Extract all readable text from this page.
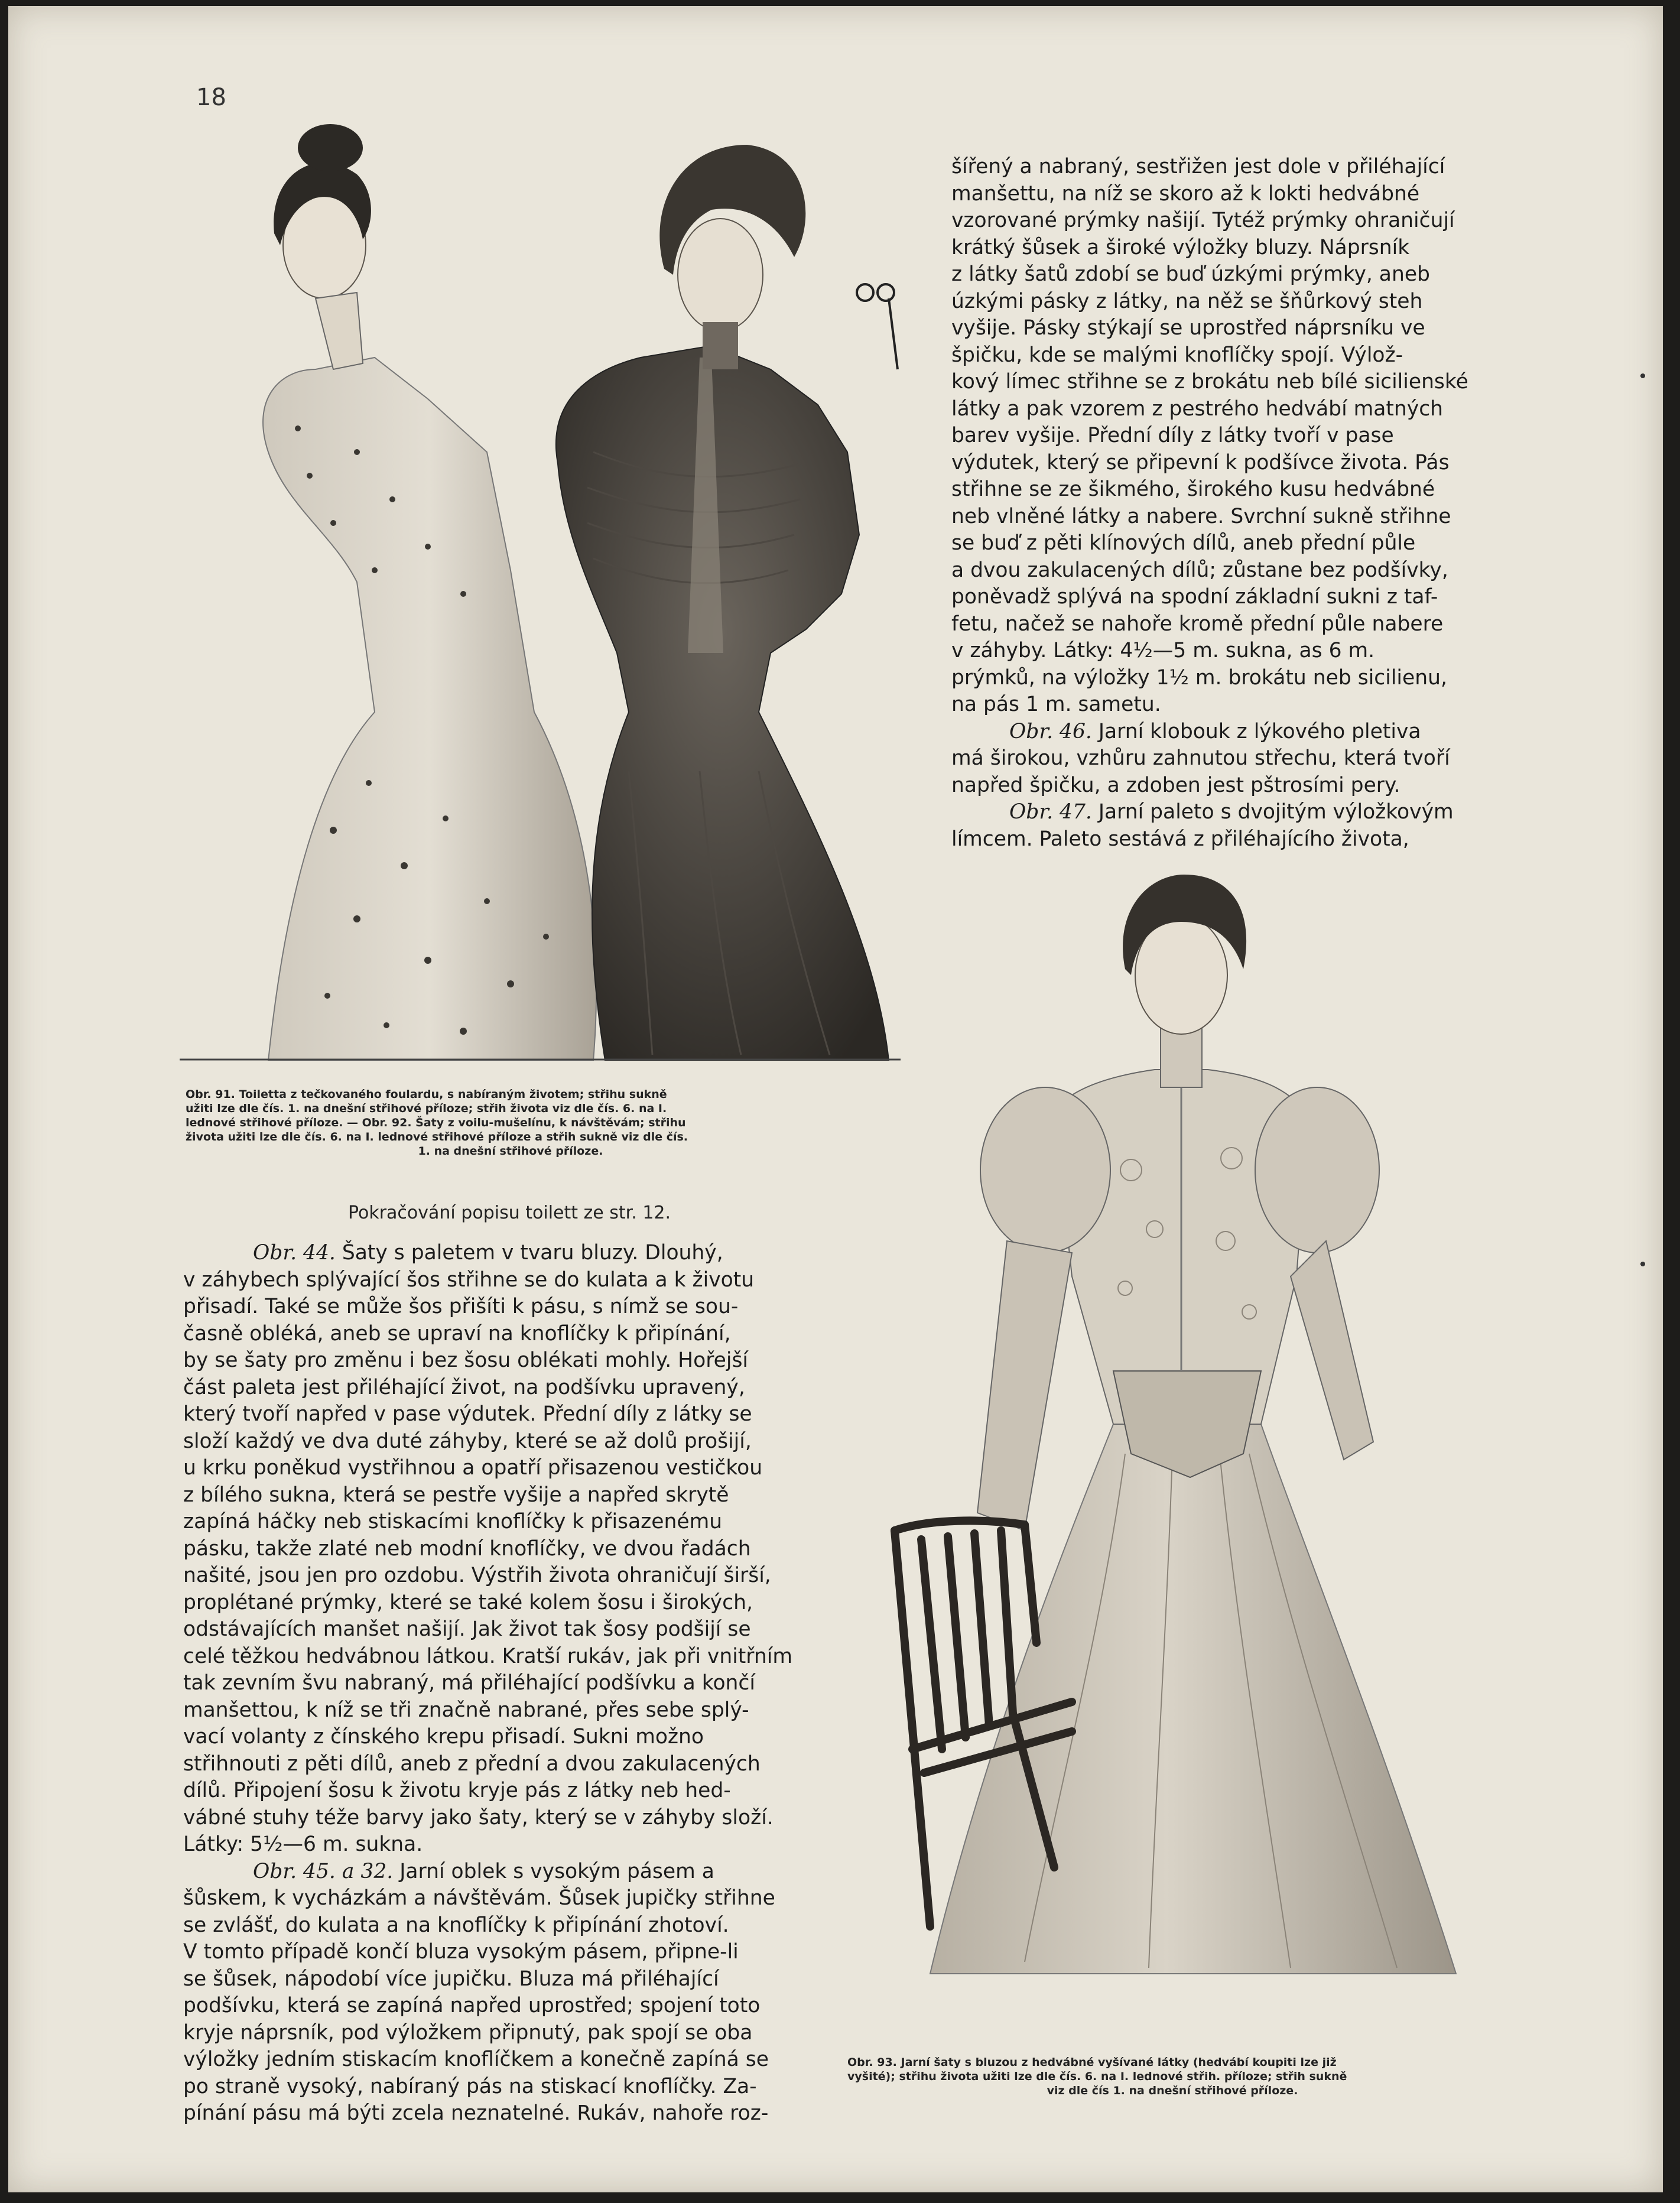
18

Obr. 91. Toiletta z tečkovaného foulardu, s nabíraným životem; střihu sukně

užiti lze dle čís. 1. na dnešní střihové příloze; střih života viz dle čís. 6. na I.

lednové střihové příloze. — Obr. 92. Šaty z voilu-mušelínu, k návštěvám; střihu

života užiti lze dle čís. 6. na I. lednové střihové příloze a střih sukně viz dle čís.

1. na dnešní střihové příloze.

Pokračování popisu toilett ze str. 12.

šířený a nabraný, sestřižen jest dole v přiléhající

manšettu, na níž se skoro až k lokti hedvábné

vzorované prýmky našijí. Tytéž prýmky ohraničují

krátký šůsek a široké výložky bluzy. Náprsník

z látky šatů zdobí se buď úzkými prýmky, aneb

úzkými pásky z látky, na něž se šňůrkový steh

vyšije. Pásky stýkají se uprostřed náprsníku ve

špičku, kde se malými knoflíčky spojí. Výlož-

kový límec střihne se z brokátu neb bílé sicilienské

látky a pak vzorem z pestrého hedvábí matných

barev vyšije. Přední díly z látky tvoří v pase

výdutek, který se připevní k podšívce života. Pás

střihne se ze šikmého, širokého kusu hedvábné

neb vlněné látky a nabere. Svrchní sukně střihne

se buď z pěti klínových dílů, aneb přední půle

a dvou zakulacených dílů; zůstane bez podšívky,

poněvadž splývá na spodní základní sukni z taf-

fetu, načež se nahoře kromě přední půle nabere

v záhyby. Látky: 4½—5 m. sukna, as 6 m.

prýmků, na výložky 1½ m. brokátu neb sicilienu,

na pás 1 m. sametu.

Obr. 46. Jarní klobouk z lýkového pletiva

má širokou, vzhůru zahnutou střechu, která tvoří

napřed špičku, a zdoben jest pštrosími pery.

Obr. 47. Jarní paleto s dvojitým výložkovým

límcem. Paleto sestává z přiléhajícího života,

Obr. 44. Šaty s paletem v tvaru bluzy. Dlouhý,

v záhybech splývající šos střihne se do kulata a k životu

přisadí. Také se může šos přišíti k pásu, s nímž se sou-

časně obléká, aneb se upraví na knoflíčky k připínání,

by se šaty pro změnu i bez šosu oblékati mohly. Hořejší

část paleta jest přiléhající život, na podšívku upravený,

který tvoří napřed v pase výdutek. Přední díly z látky se

složí každý ve dva duté záhyby, které se až dolů prošijí,

u krku poněkud vystřihnou a opatří přisazenou vestičkou

z bílého sukna, která se pestře vyšije a napřed skrytě

zapíná háčky neb stiskacími knoflíčky k přisazenému

pásku, takže zlaté neb modní knoflíčky, ve dvou řadách

našité, jsou jen pro ozdobu. Výstřih života ohraničují širší,

proplétané prýmky, které se také kolem šosu i širokých,

odstávajících manšet našijí. Jak život tak šosy podšijí se

celé těžkou hedvábnou látkou. Kratší rukáv, jak při vnitřním

tak zevním švu nabraný, má přiléhající podšívku a končí

manšettou, k níž se tři značně nabrané, přes sebe splý-

vací volanty z čínského krepu přisadí. Sukni možno

střihnouti z pěti dílů, aneb z přední a dvou zakulacených

dílů. Připojení šosu k životu kryje pás z látky neb hed-

vábné stuhy téže barvy jako šaty, který se v záhyby složí.

Látky: 5½—6 m. sukna.

Obr. 45. a 32. Jarní oblek s vysokým pásem a

šůskem, k vycházkám a návštěvám. Šůsek jupičky střihne

se zvlášť, do kulata a na knoflíčky k připínání zhotoví.

V tomto případě končí bluza vysokým pásem, připne-li

se šůsek, nápodobí více jupičku. Bluza má přiléhající

podšívku, která se zapíná napřed uprostřed; spojení toto

kryje náprsník, pod výložkem připnutý, pak spojí se oba

výložky jedním stiskacím knoflíčkem a konečně zapíná se

po straně vysoký, nabíraný pás na stiskací knoflíčky. Za-

pínání pásu má býti zcela neznatelné. Rukáv, nahoře roz-

Obr. 93. Jarní šaty s bluzou z hedvábné vyšívané látky (hedvábí koupiti lze již

vyšité); střihu života užiti lze dle čís. 6. na I. lednové střih. příloze; střih sukně

viz dle čís 1. na dnešní střihové příloze.
